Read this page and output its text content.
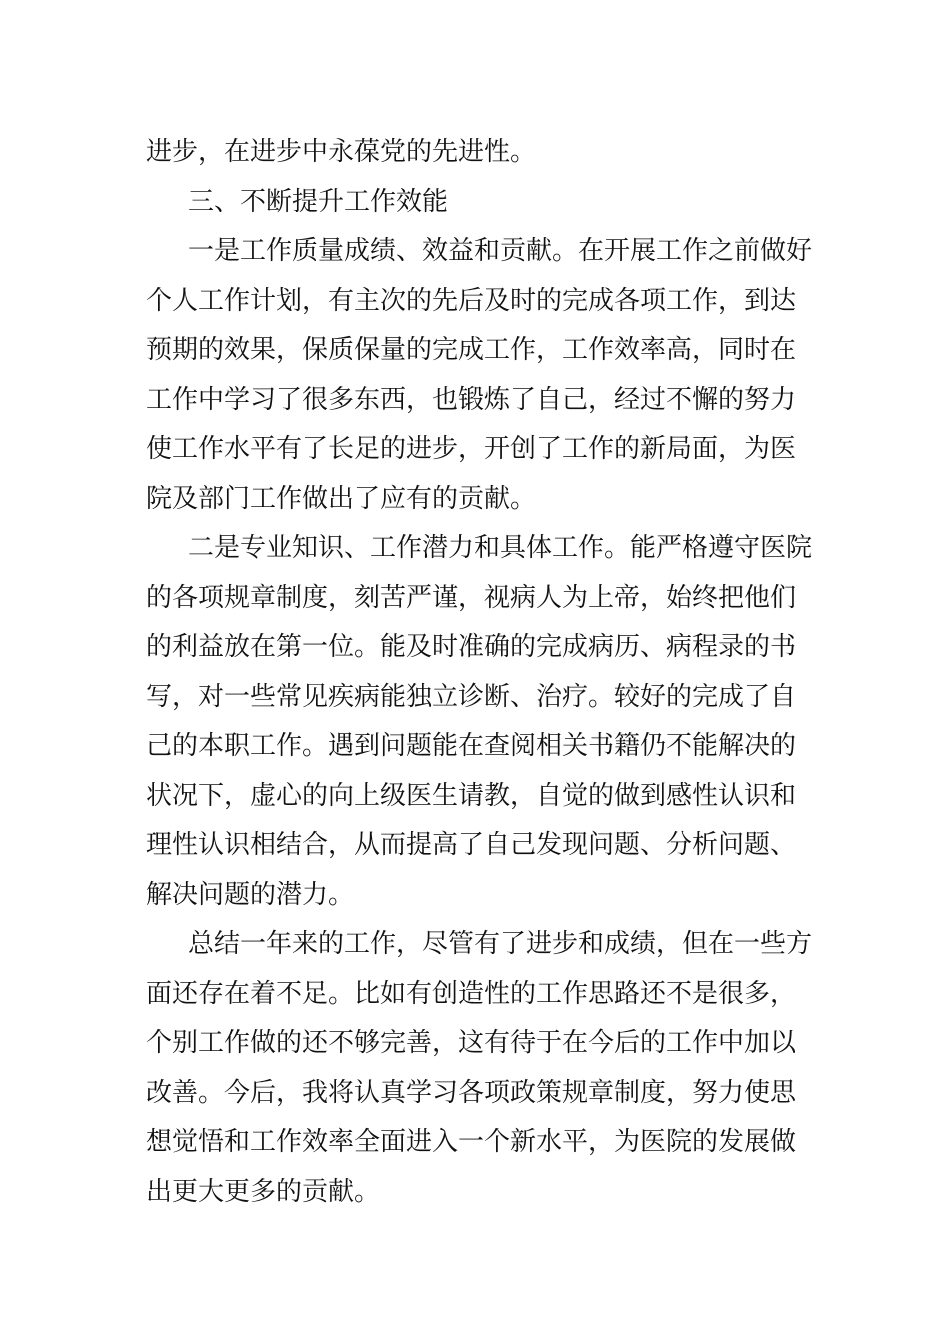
进步，在进步中永葆党的先进性。
三、不断提升工作效能
一是工作质量成绩、效益和贡献。在开展工作之前做好
个人工作计划，有主次的先后及时的完成各项工作，到达
预期的效果，保质保量的完成工作，工作效率高，同时在
工作中学习了很多东西，也锻炼了自己，经过不懈的努力
使工作水平有了长足的进步，开创了工作的新局面，为医
院及部门工作做出了应有的贡献。
二是专业知识、工作潜力和具体工作。能严格遵守医院
的各项规章制度，刻苦严谨，视病人为上帝，始终把他们
的利益放在第一位。能及时准确的完成病历、病程录的书
写，对一些常见疾病能独立诊断、治疗。较好的完成了自
己的本职工作。遇到问题能在查阅相关书籍仍不能解决的
状况下，虚心的向上级医生请教，自觉的做到感性认识和
理性认识相结合，从而提高了自己发现问题、分析问题、
解决问题的潜力。
总结一年来的工作，尽管有了进步和成绩，但在一些方
面还存在着不足。比如有创造性的工作思路还不是很多，
个别工作做的还不够完善，这有待于在今后的工作中加以
改善。今后，我将认真学习各项政策规章制度，努力使思
想觉悟和工作效率全面进入一个新水平，为医院的发展做
出更大更多的贡献。
